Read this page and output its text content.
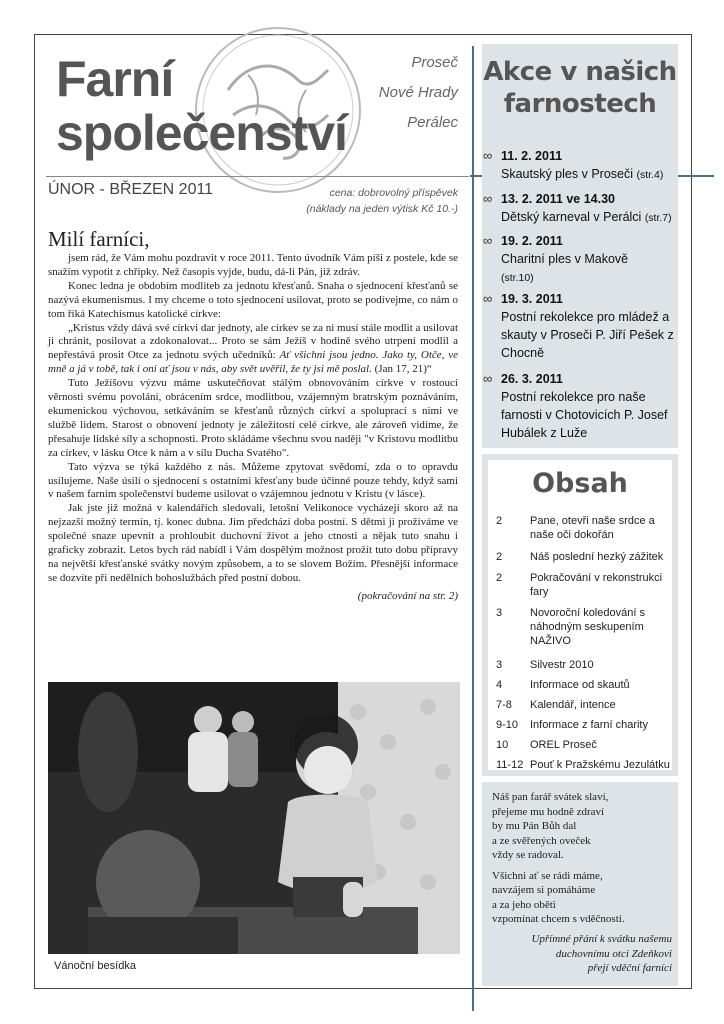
Farní
společenství
Proseč
Nové Hrady
Perálec
ÚNOR - BŘEZEN 2011	cena: dobrovolný příspěvek
(náklady na jeden výtisk Kč 10.-)
Milí farníci,

jsem rád, že Vám mohu pozdravit v roce 2011. Tento úvodník Vám píši z postele, kde se snažím vypotit z chřipky. Než časopis vyjde, budu, dá-li Pán, již zdráv.

Konec ledna je obdobím modliteb za jednotu křesťanů. Snaha o sjednocení křesťanů se nazývá ekumenismus. I my chceme o toto sjednocení usilovat, proto se podívejme, co nám o tom říká Katechismus katolické církve:

„Kristus vždy dává své církvi dar jednoty, ale církev se za ni musí stále modlit a usilovat ji chránit, posilovat a zdokonalovat... Proto se sám Ježíš v hodině svého utrpení modlil a nepřestává prosit Otce za jednotu svých učedníků: Ať všichni jsou jedno. Jako ty, Otče, ve mně a já v tobě, tak i oni ať jsou v nás, aby svět uvěřil, že ty jsi mě poslal. (Jan 17, 21)“

Tuto Ježíšovu výzvu máme uskutečňovat stálým obnovováním církve v rostoucí věrnosti svému povolání, obrácením srdce, modlitbou, vzájemným bratrským poznáváním, ekumenickou výchovou, setkáváním se křesťanů různých církví a spoluprací s nimi ve službě lidem. Starost o obnovení jednoty je záležitostí celé církve, ale zároveň vidíme, že přesahuje lidské síly a schopnosti. Proto skládáme všechnu svou naději "v Kristovu modlitbu za církev, v lásku Otce k nám a v sílu Ducha Svatého".

Tato výzva se týká každého z nás. Můžeme zpytovat svědomí, zda o to opravdu usilujeme. Naše úsilí o sjednocení s ostatními křesťany bude účinné pouze tehdy, když sami v našem farním společenství budeme usilovat o vzájemnou jednotu v Kristu (v lásce).

Jak jste již možná v kalendářích sledovali, letošní Velikonoce vycházejí skoro až na nejzazší možný termín, tj. konec dubna. Jim předchází doba postní. S dětmi ji prožíváme ve společné snaze upevnit a prohloubit duchovní život a jeho ctnosti a nějak tuto snahu i graficky zobrazit. Letos bych rád nabídl i Vám dospělým možnost prožít tuto dobu přípravy na největší křesťanské svátky novým způsobem, a to se slovem Božím. Přesnější informace se dozvíte při nedělních bohoslužbách před postní dobou.

(pokračování na str. 2)
Vánoční besídka
Akce v našich
farnostech
∞ 11. 2. 2011
Skautský ples v Proseči (str.4)
∞ 13. 2. 2011 ve 14.30
Dětský karneval v Perálci (str.7)
∞ 19. 2. 2011
Charitní ples v Makově
(str.10)
∞ 19. 3. 2011
Postní rekolekce pro mládež a skauty v Proseči P. Jiří Pešek z Chocně
∞ 26. 3. 2011
Postní rekolekce pro naše farnosti v Chotovicích P. Josef Hubálek z Luže
Obsah
2	Pane, otevři naše srdce a naše oči dokořán
2	Náš poslední hezký zážitek
2	Pokračování v rekonstrukci fary
3	Novoroční koledování s náhodným seskupením NAŽIVO
3	Silvestr 2010
4	Informace od skautů
7-8 Kalendář, intence
9-10 Informace z farní charity
10 OREL Proseč
11-12 Pouť k Pražskému Jezulátku

Náš pan farář svátek slaví,
přejeme mu hodně zdraví
by mu Pán Bůh dal
a ze svěřených oveček
vždy se radoval.

Všichni ať se rádi máme,
navzájem si pomáháme
a za jeho oběti
vzpomínat chcem s vděčností.

Upřímné přání k svátku našemu
duchovnímu otci Zdeňkovi
přejí vděční farníci
